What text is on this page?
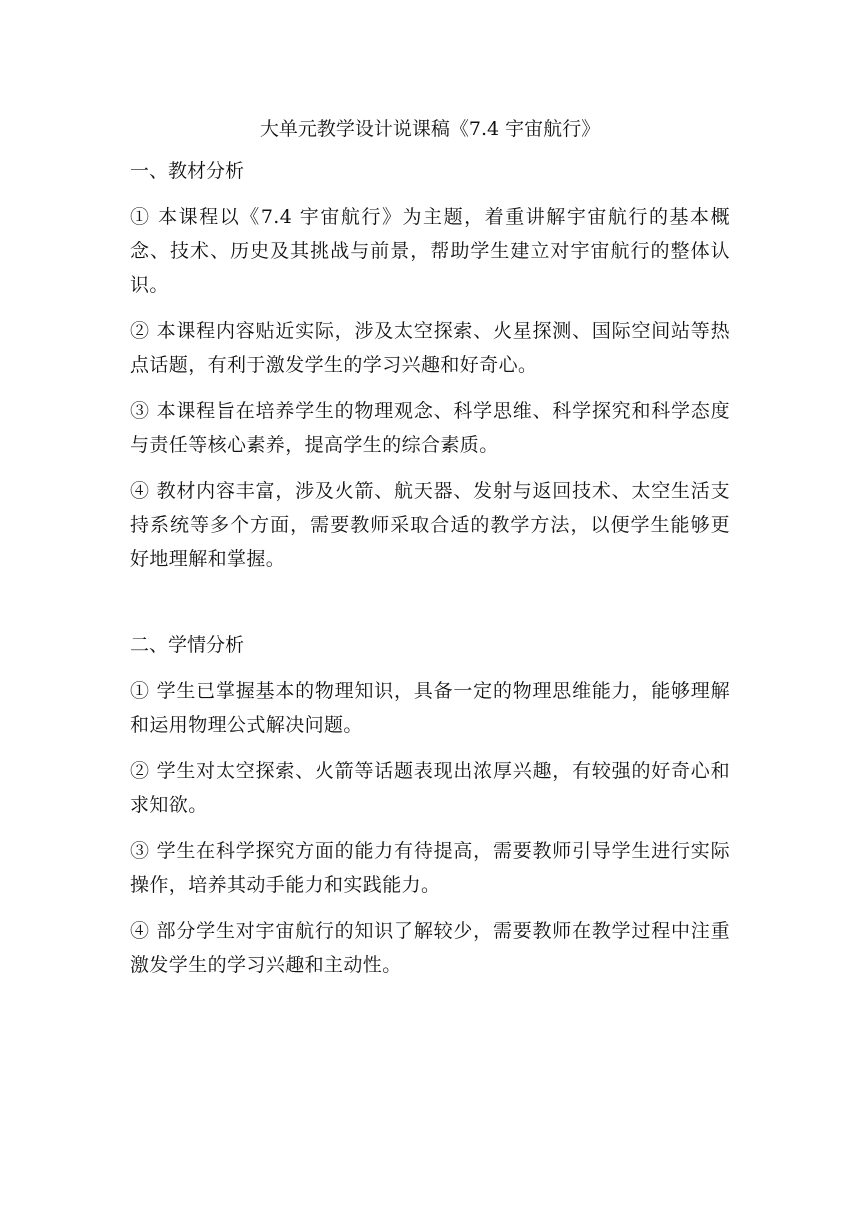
大单元教学设计说课稿《7.4 宇宙航行》
一、教材分析

① 本课程以《7.4 宇宙航行》为主题，着重讲解宇宙航行的基本概念、技术、历史及其挑战与前景，帮助学生建立对宇宙航行的整体认识。

② 本课程内容贴近实际，涉及太空探索、火星探测、国际空间站等热点话题，有利于激发学生的学习兴趣和好奇心。

③ 本课程旨在培养学生的物理观念、科学思维、科学探究和科学态度与责任等核心素养，提高学生的综合素质。

④ 教材内容丰富，涉及火箭、航天器、发射与返回技术、太空生活支持系统等多个方面，需要教师采取合适的教学方法，以便学生能够更好地理解和掌握。

二、学情分析

① 学生已掌握基本的物理知识，具备一定的物理思维能力，能够理解和运用物理公式解决问题。

② 学生对太空探索、火箭等话题表现出浓厚兴趣，有较强的好奇心和求知欲。

③ 学生在科学探究方面的能力有待提高，需要教师引导学生进行实际操作，培养其动手能力和实践能力。

④ 部分学生对宇宙航行的知识了解较少，需要教师在教学过程中注重激发学生的学习兴趣和主动性。
